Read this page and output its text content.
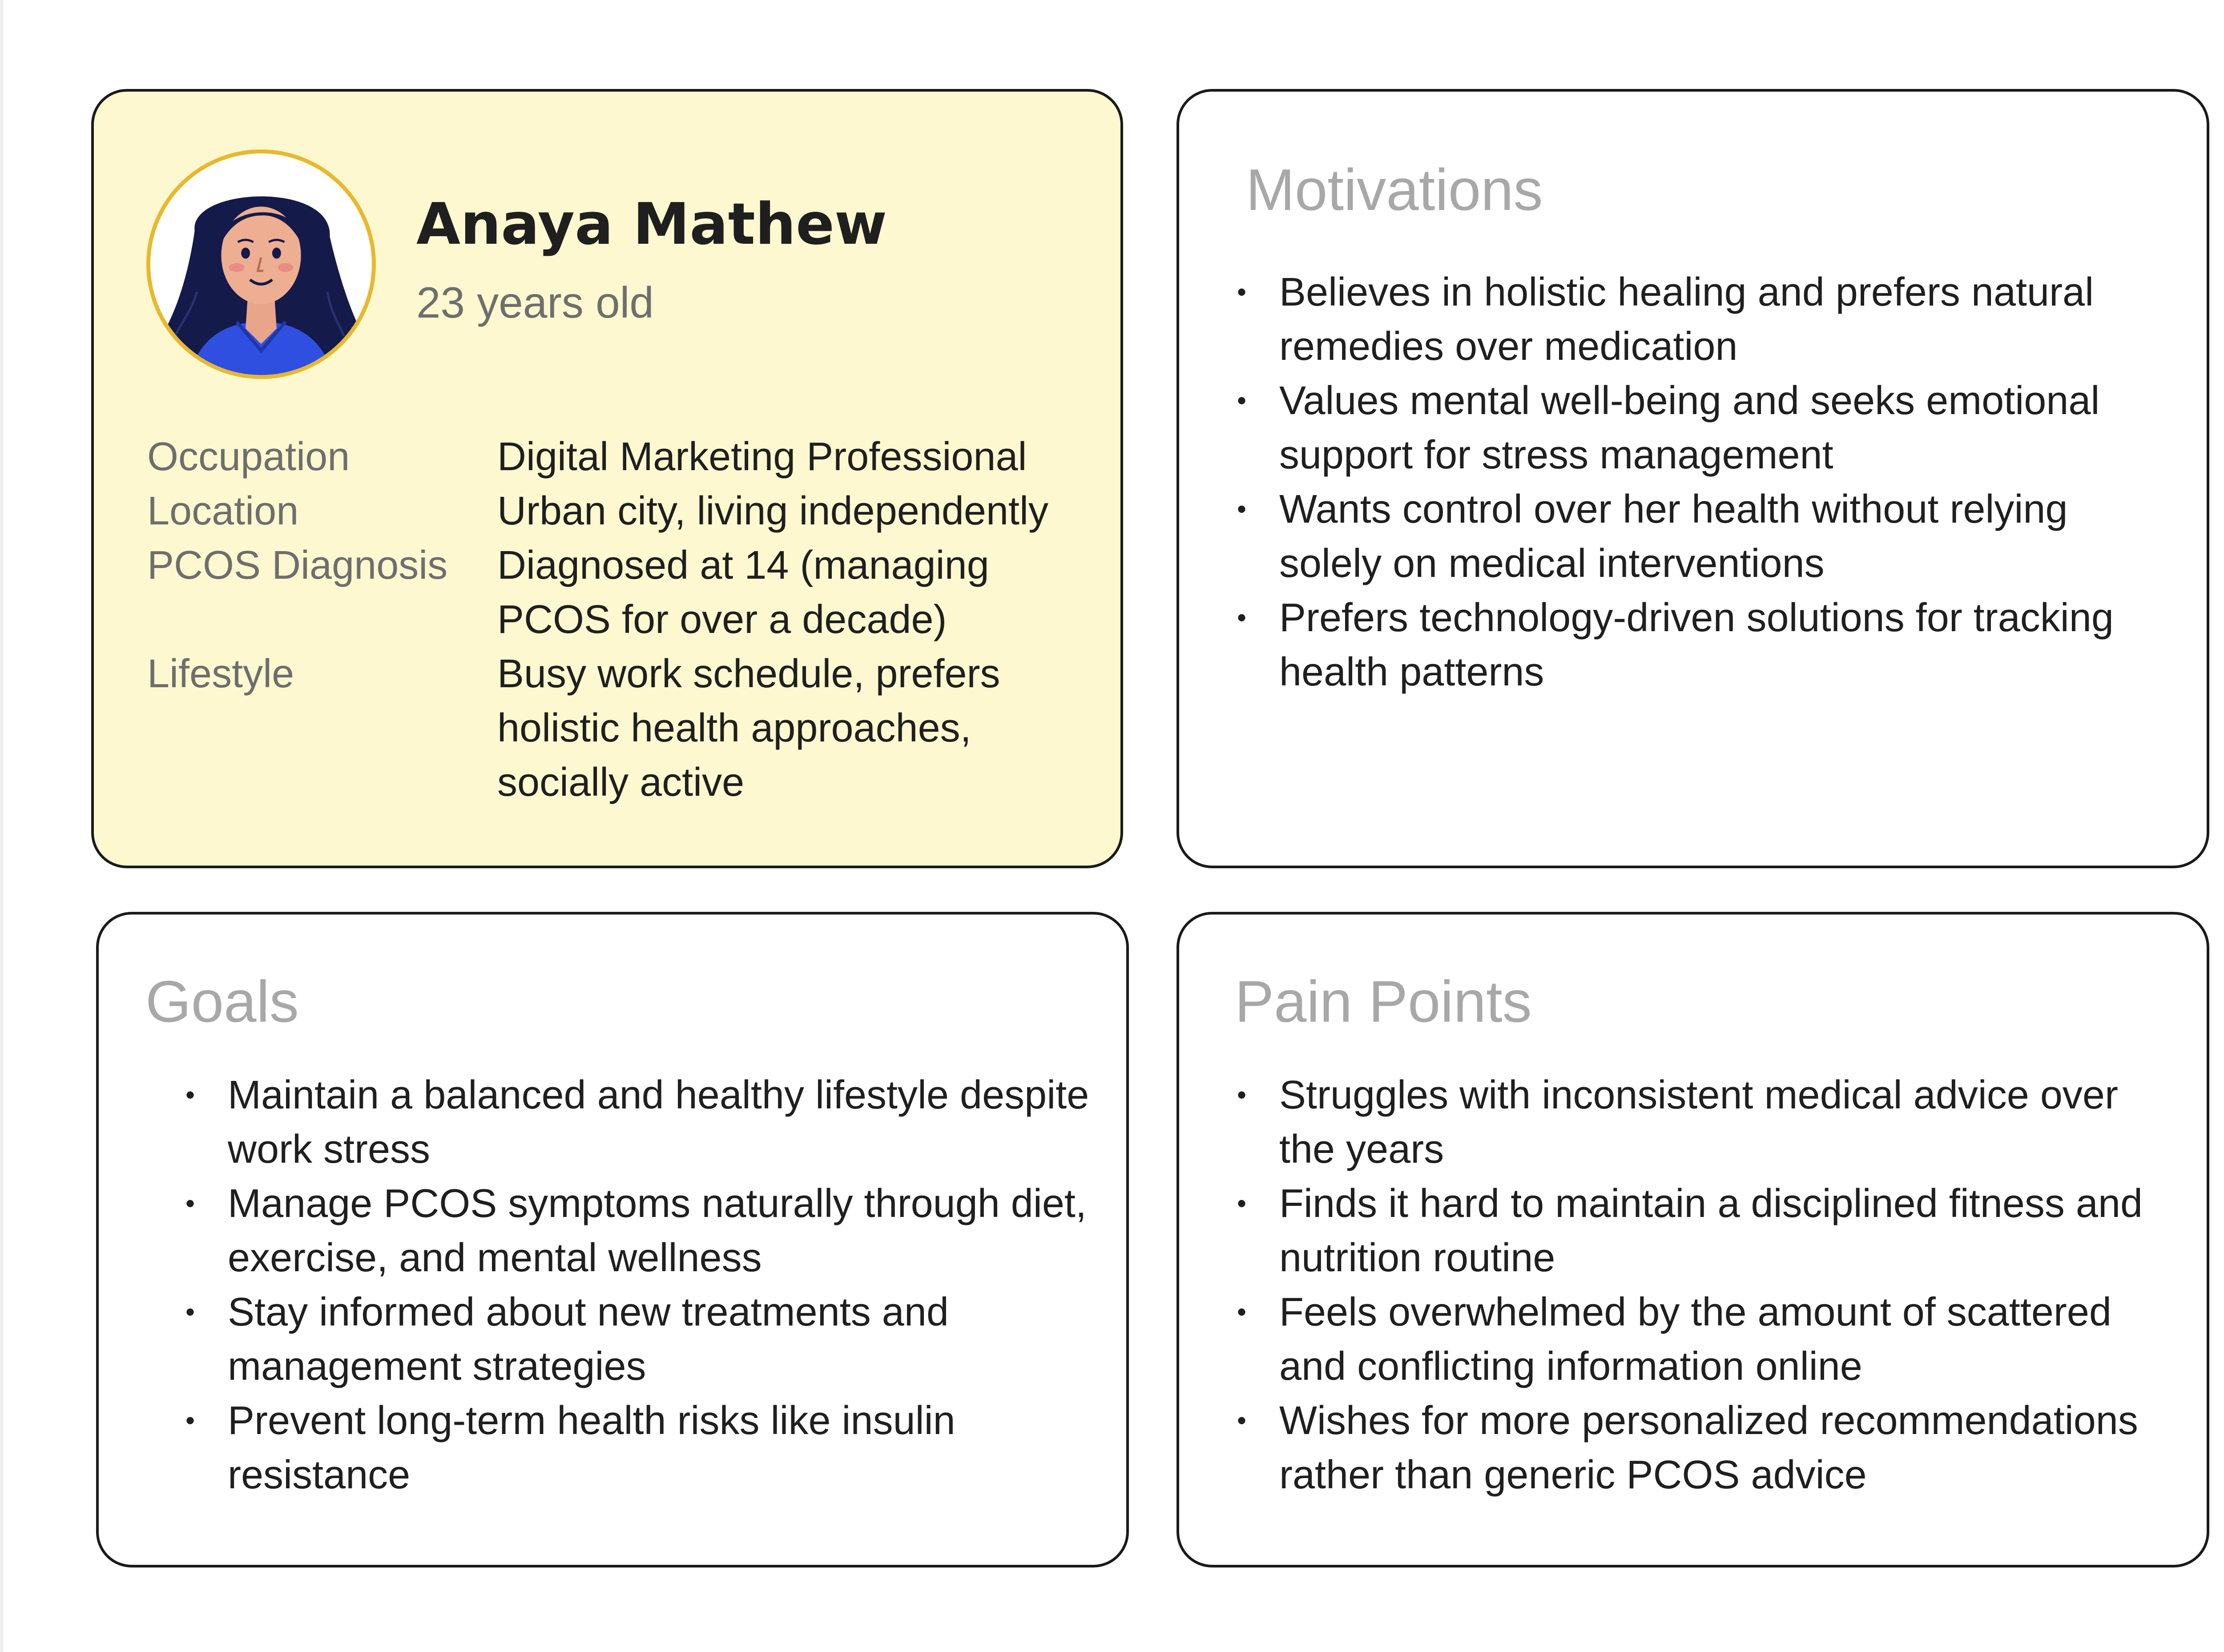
Anaya Mathew
23 years old
Occupation	Digital Marketing Professional
Location	Urban city, living independently
PCOS Diagnosis	Diagnosed at 14 (managing PCOS for over a decade)
Lifestyle	Busy work schedule, prefers holistic health approaches, socially active
Motivations
• Believes in holistic healing and prefers natural remedies over medication
• Values mental well-being and seeks emotional support for stress management
• Wants control over her health without relying solely on medical interventions
• Prefers technology-driven solutions for tracking health patterns
Goals
• Maintain a balanced and healthy lifestyle despite work stress
• Manage PCOS symptoms naturally through diet, exercise, and mental wellness
• Stay informed about new treatments and management strategies
• Prevent long-term health risks like insulin resistance
Pain Points
• Struggles with inconsistent medical advice over the years
• Finds it hard to maintain a disciplined fitness and nutrition routine
• Feels overwhelmed by the amount of scattered and conflicting information online
• Wishes for more personalized recommendations rather than generic PCOS advice
